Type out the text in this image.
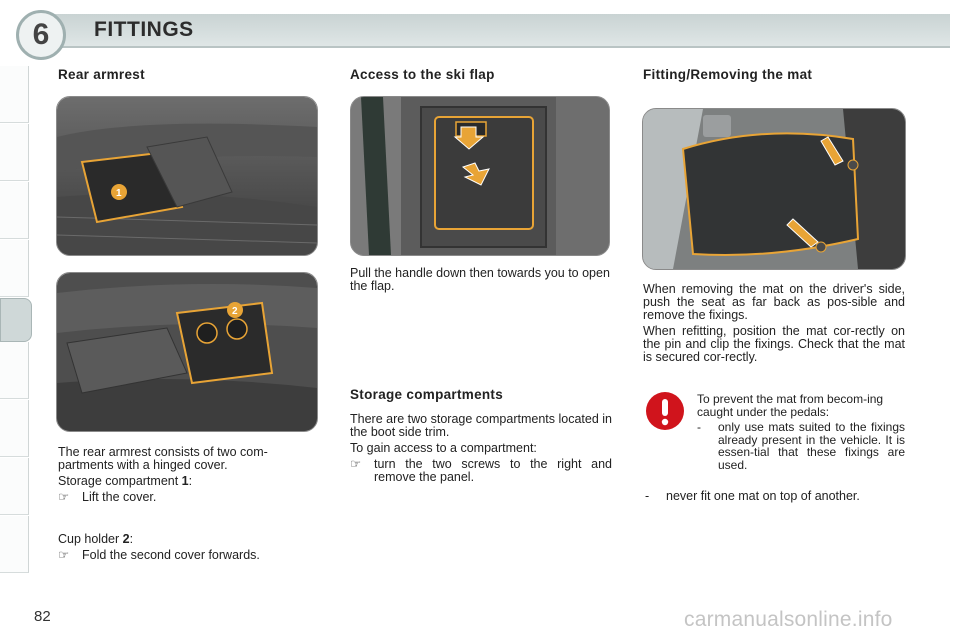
6 FITTINGS
Rear armrest
1
2

The rear armrest consists of two com-partments with a hinged cover.

Storage compartment 1:

☞	Lift the cover.

Cup holder 2:

☞	Fold the second cover forwards.
Access to the ski flap
Pull the handle down then towards you to open the flap.
Storage compartments

There are two storage compartments located in the boot side trim.

To gain access to a compartment:

☞	turn the two screws to the right and remove the panel.
Fitting/Removing the mat

When removing the mat on the driver's side, push the seat as far back as pos-sible and remove the fixings.

When refitting, position the mat cor-rectly on the pin and clip the fixings. Check that the mat is secured cor-rectly.

To prevent the mat from becom-ing caught under the pedals:
-	only use mats suited to the fixings already present in the vehicle. It is essen-tial that these fixings are used.
-	never fit one mat on top of another.
82	carmanualsonline.info
